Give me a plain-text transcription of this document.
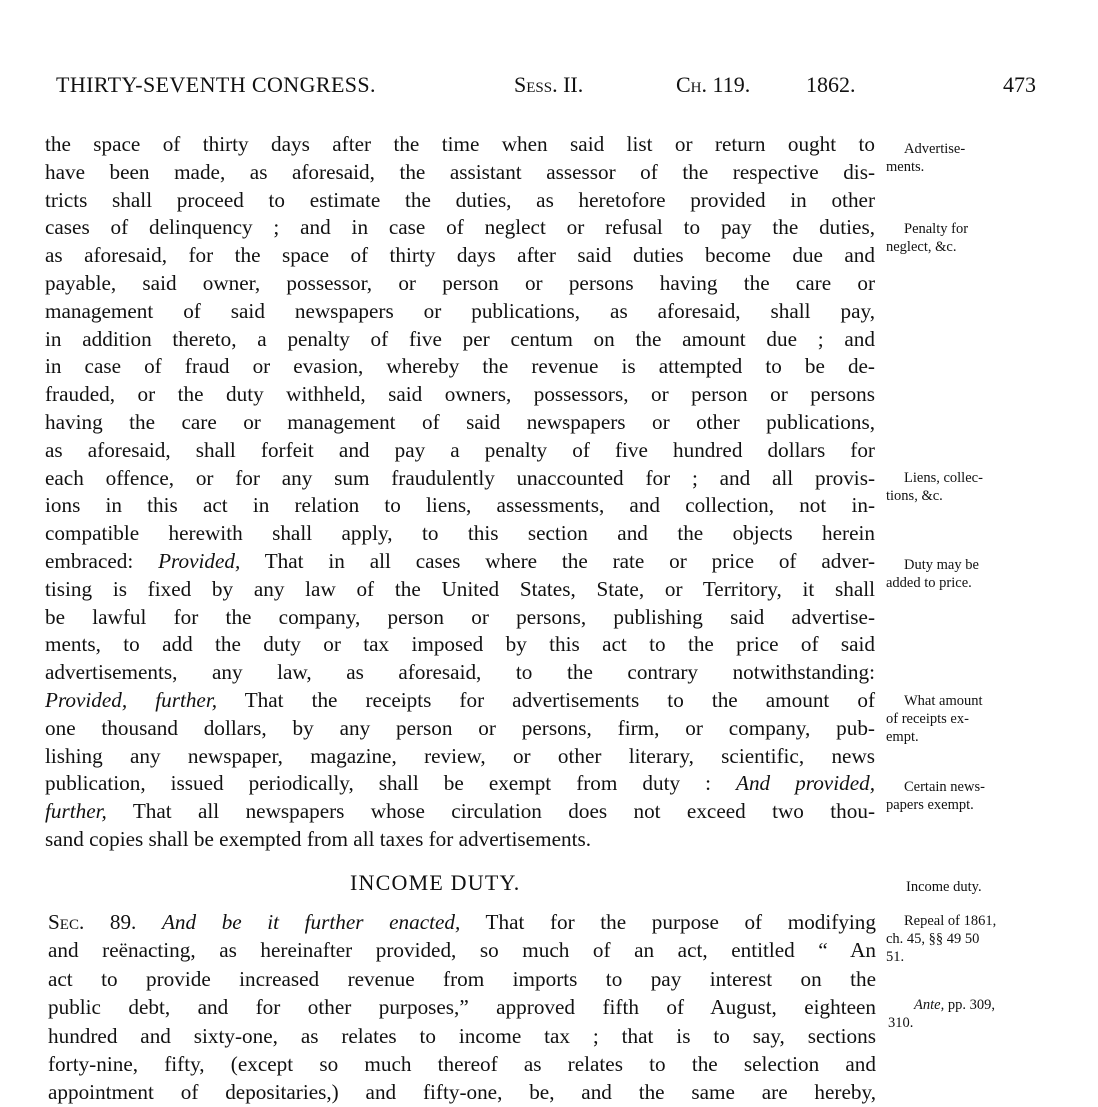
THIRTY-SEVENTH CONGRESS.	Sess. II.	Ch. 119.	1862.	473
the space of thirty days after the time when said list or return ought to
have been made, as aforesaid, the assistant assessor of the respective dis-
tricts shall proceed to estimate the duties, as heretofore provided in other
cases of delinquency ; and in case of neglect or refusal to pay the duties,
as aforesaid, for the space of thirty days after said duties become due and
payable, said owner, possessor, or person or persons having the care or
management of said newspapers or publications, as aforesaid, shall pay,
in addition thereto, a penalty of five per centum on the amount due ; and
in case of fraud or evasion, whereby the revenue is attempted to be de-
frauded, or the duty withheld, said owners, possessors, or person or persons
having the care or management of said newspapers or other publications,
as aforesaid, shall forfeit and pay a penalty of five hundred dollars for
each offence, or for any sum fraudulently unaccounted for ; and all provis-
ions in this act in relation to liens, assessments, and collection, not in-
compatible herewith shall apply, to this section and the objects herein
embraced: Provided, That in all cases where the rate or price of adver-
tising is fixed by any law of the United States, State, or Territory, it shall
be lawful for the company, person or persons, publishing said advertise-
ments, to add the duty or tax imposed by this act to the price of said
advertisements, any law, as aforesaid, to the contrary notwithstanding:
Provided, further, That the receipts for advertisements to the amount of
one thousand dollars, by any person or persons, firm, or company, pub-
lishing any newspaper, magazine, review, or other literary, scientific, news
publication, issued periodically, shall be exempt from duty : And provided,
further, That all newspapers whose circulation does not exceed two thou-
sand copies shall be exempted from all taxes for advertisements.
INCOME DUTY.
Sec. 89. And be it further enacted, That for the purpose of modifying
and reënacting, as hereinafter provided, so much of an act, entitled “ An
act to provide increased revenue from imports to pay interest on the
public debt, and for other purposes,” approved fifth of August, eighteen
hundred and sixty-one, as relates to income tax ; that is to say, sections
forty-nine, fifty, (except so much thereof as relates to the selection and
appointment of depositaries,) and fifty-one, be, and the same are hereby,
Advertise-
ments.
Penalty for
neglect, &c.
Liens, collec-
tions, &c.
Duty may be
added to price.
What amount
of receipts ex-
empt.
Certain news-
papers exempt.
Income duty.
Repeal of 1861,
ch. 45, §§ 49 50
51.
Ante, pp. 309,
310.
